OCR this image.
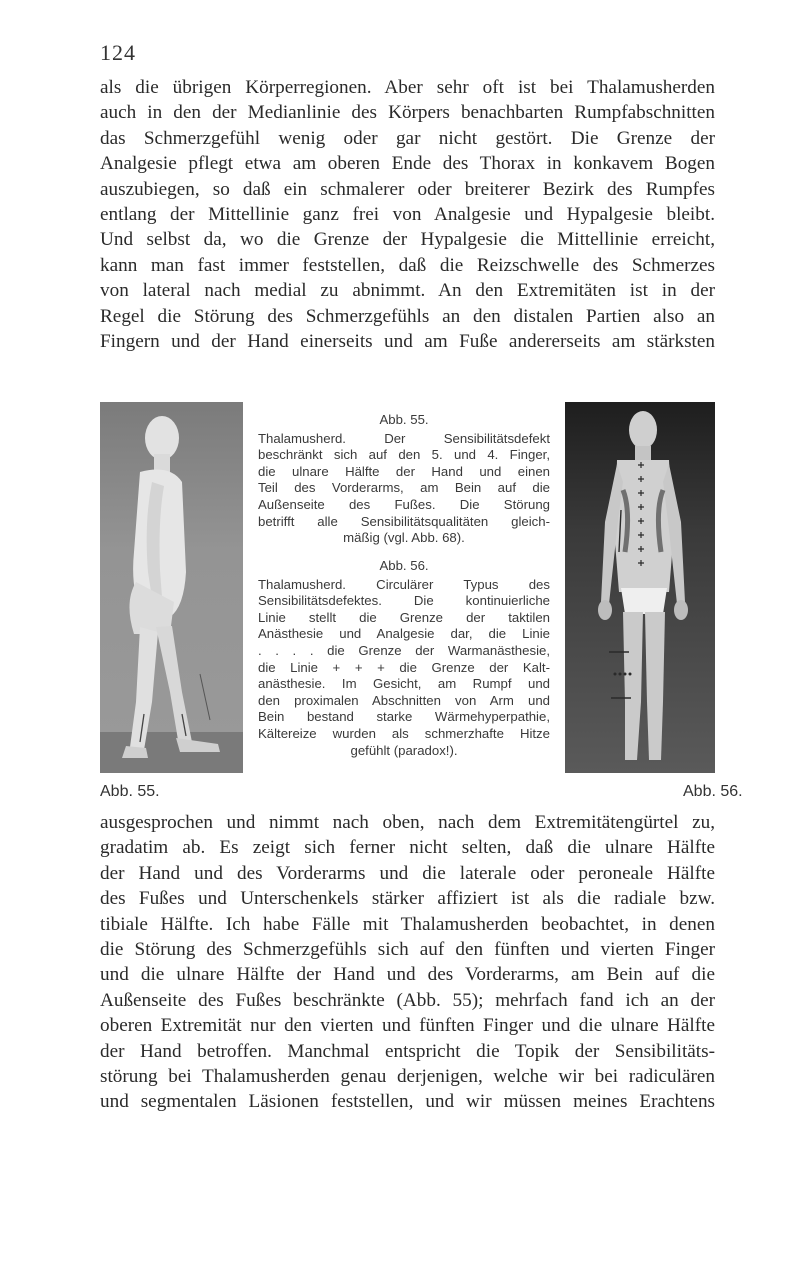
124

als die übrigen Körperregionen. Aber sehr oft ist bei Thalamusherden
auch in den der Medianlinie des Körpers benachbarten Rumpfabschnitten
das Schmerzgefühl wenig oder gar nicht gestört. Die Grenze der
Analgesie pflegt etwa am oberen Ende des Thorax in konkavem Bogen
auszubiegen, so daß ein schmalerer oder breiterer Bezirk des Rumpfes
entlang der Mittellinie ganz frei von Analgesie und Hypalgesie bleibt.
Und selbst da, wo die Grenze der Hypalgesie die Mittellinie erreicht,
kann man fast immer feststellen, daß die Reizschwelle des Schmerzes
von lateral nach medial zu abnimmt. An den Extremitäten ist in der
Regel die Störung des Schmerzgefühls an den distalen Partien also an
Fingern und der Hand einerseits und am Fuße andererseits am stärksten

Abb. 55.
Abb. 55.
Thalamusherd. Der Sensibilitätsdefekt
beschränkt sich auf den 5. und 4. Finger,
die ulnare Hälfte der Hand und einen
Teil des Vorderarms, am Bein auf die
Außenseite des Fußes. Die Störung
betrifft alle Sensibilitätsqualitäten gleich-
mäßig (vgl. Abb. 68).
Abb. 56.
Thalamusherd. Circulärer Typus des
Sensibilitätsdefektes. Die kontinuierliche
Linie stellt die Grenze der taktilen
Anästhesie und Analgesie dar, die Linie
. . . . die Grenze der Warmanästhesie,
die Linie + + + die Grenze der Kalt-
anästhesie. Im Gesicht, am Rumpf und
den proximalen Abschnitten von Arm und
Bein bestand starke Wärmehyperpathie,
Kältereize wurden als schmerzhafte Hitze
gefühlt (paradox!).
Abb. 56.

ausgesprochen und nimmt nach oben, nach dem Extremitätengürtel zu,
gradatim ab. Es zeigt sich ferner nicht selten, daß die ulnare Hälfte
der Hand und des Vorderarms und die laterale oder peroneale Hälfte
des Fußes und Unterschenkels stärker affiziert ist als die radiale bzw.
tibiale Hälfte. Ich habe Fälle mit Thalamusherden beobachtet, in denen
die Störung des Schmerzgefühls sich auf den fünften und vierten Finger
und die ulnare Hälfte der Hand und des Vorderarms, am Bein auf die
Außenseite des Fußes beschränkte (Abb. 55); mehrfach fand ich an der
oberen Extremität nur den vierten und fünften Finger und die ulnare Hälfte
der Hand betroffen. Manchmal entspricht die Topik der Sensibilitäts-
störung bei Thalamusherden genau derjenigen, welche wir bei radiculären
und segmentalen Läsionen feststellen, und wir müssen meines Erachtens
